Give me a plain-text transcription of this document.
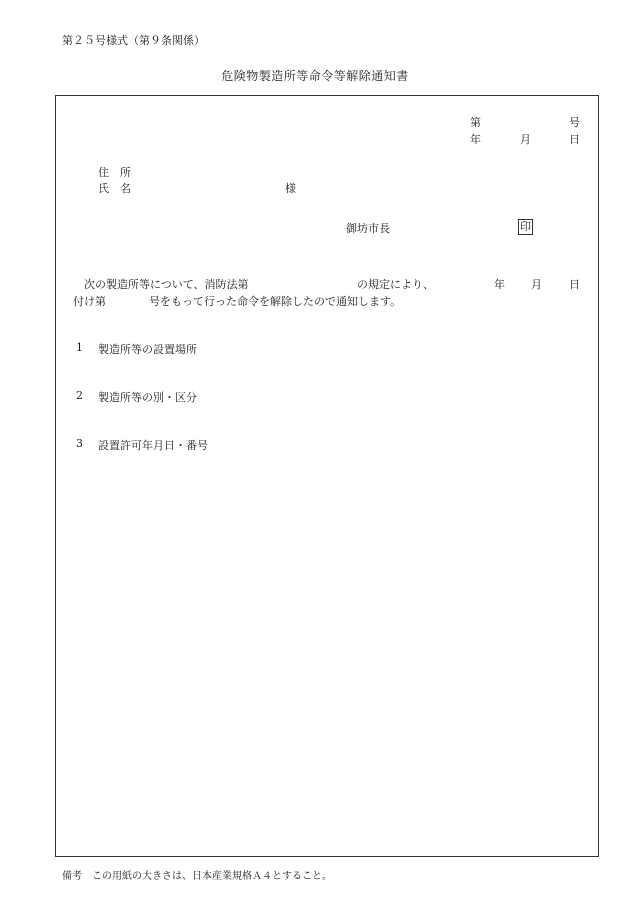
第２５号様式（第９条関係）
危険物製造所等命令等解除通知書
第	号
年	月	日
住　所
氏　名	様
御坊市長	印
次の製造所等について、消防法第	の規定により、	年 月 日
付け第	号をもって行った命令を解除したので通知します。
1 製造所等の設置場所
2 製造所等の別・区分
3 設置許可年月日・番号
備考　この用紙の大きさは、日本産業規格Ａ４とすること。
